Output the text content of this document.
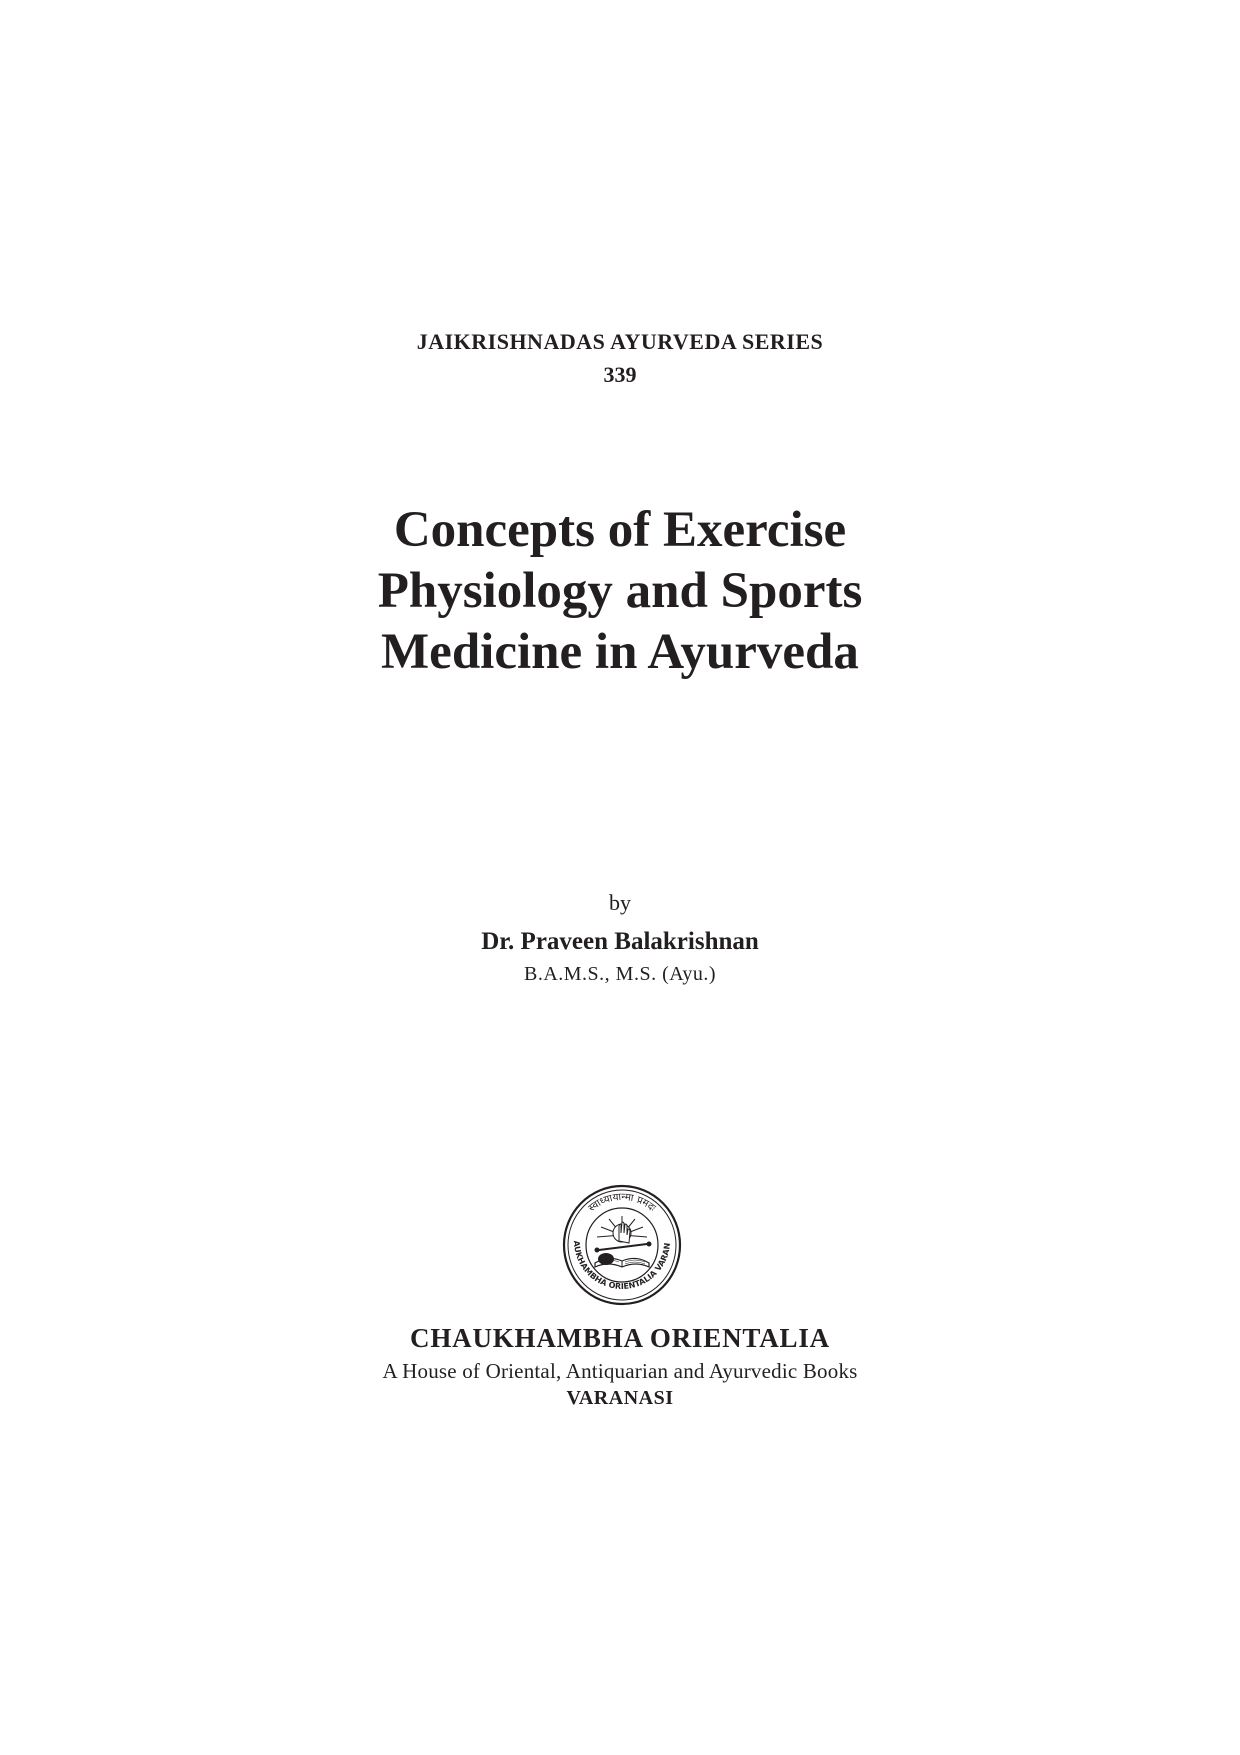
JAIKRISHNADAS AYURVEDA SERIES
339
Concepts of Exercise
Physiology and Sports
Medicine in Ayurveda
by
Dr. Praveen Balakrishnan
B.A.M.S., M.S. (Ayu.)
स्वाध्यायान्मा प्रमदः
AUKHAMBHA ORIENTALIA VARAN
CHAUKHAMBHA ORIENTALIA
A House of Oriental, Antiquarian and Ayurvedic Books
VARANASI
